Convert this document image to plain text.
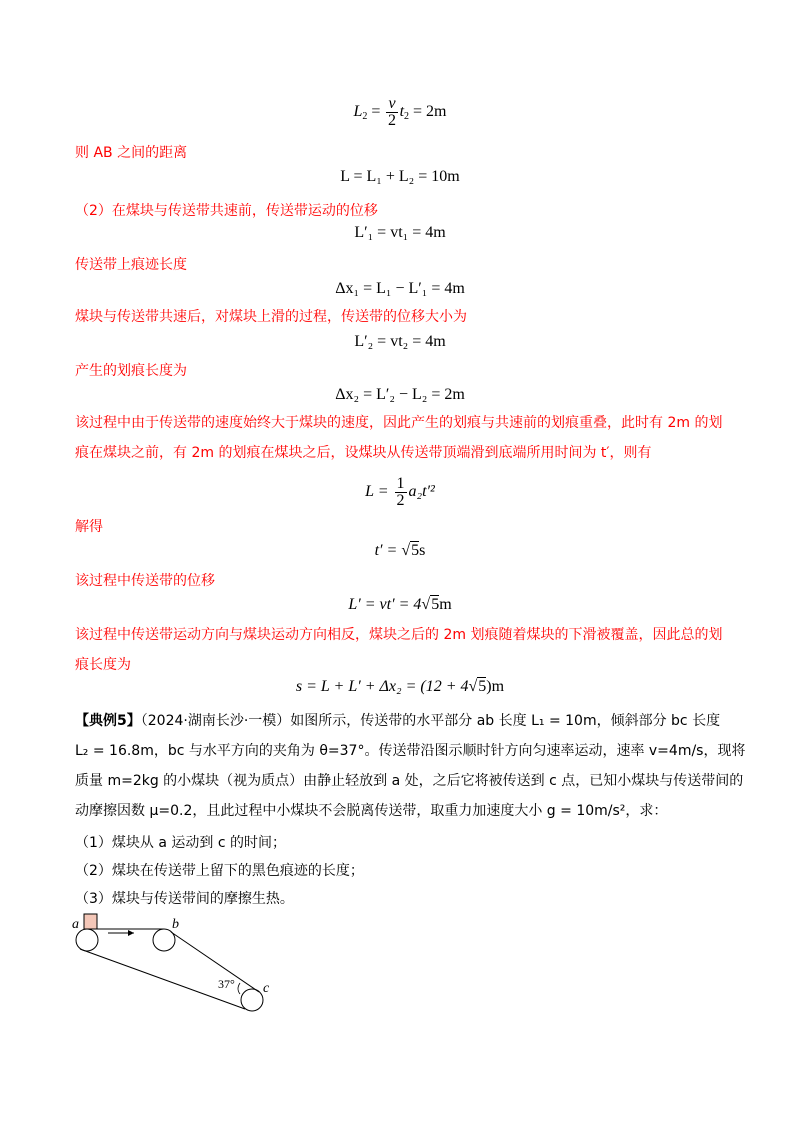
$L_2 = \frac{v}{2} t_2 = 2m$
则 AB 之间的距离
L = L₁ + L₂ = 10m
（2）在煤块与传送带共速前，传送带运动的位移
L′₁ = vt₁ = 4m
传送带上痕迹长度
Δx₁ = L₁ − L′₁ = 4m
煤块与传送带共速后，对煤块上滑的过程，传送带的位移大小为
L′₂ = vt₂ = 4m
产生的划痕长度为
Δx₂ = L′₂ − L₂ = 2m
该过程中由于传送带的速度始终大于煤块的速度，因此产生的划痕与共速前的划痕重叠，此时有 2m 的划痕在煤块之前，有 2m 的划痕在煤块之后，设煤块从传送带顶端滑到底端所用时间为 t′，则有
$L = \frac{1}{2} a_2t'^2$
解得
t′ = √5s
该过程中传送带的位移
L′ = vt′ = 4√5m
该过程中传送带运动方向与煤块运动方向相反，煤块之后的 2m 划痕随着煤块的下滑被覆盖，因此总的划痕长度为
s = L + L′ + Δx₂ = (12 + 4√5)m
【典例5】（2024·湖南长沙·一模）如图所示，传送带的水平部分 ab 长度 L₁ = 10m，倾斜部分 bc 长度
L₂ = 16.8m，bc 与水平方向的夹角为 θ=37°。传送带沿图示顺时针方向匀速率运动，速率 v=4m/s，现将
质量 m=2kg 的小煤块（视为质点）由静止轻放到 a 处，之后它将被传送到 c 点，已知小煤块与传送带间的
动摩擦因数 μ=0.2，且此过程中小煤块不会脱离传送带，取重力加速度大小 g = 10m/s²，求：
（1）煤块从 a 运动到 c 的时间；
（2）煤块在传送带上留下的黑色痕迹的长度；
（3）煤块与传送带间的摩擦生热。
a	b
c
37°
